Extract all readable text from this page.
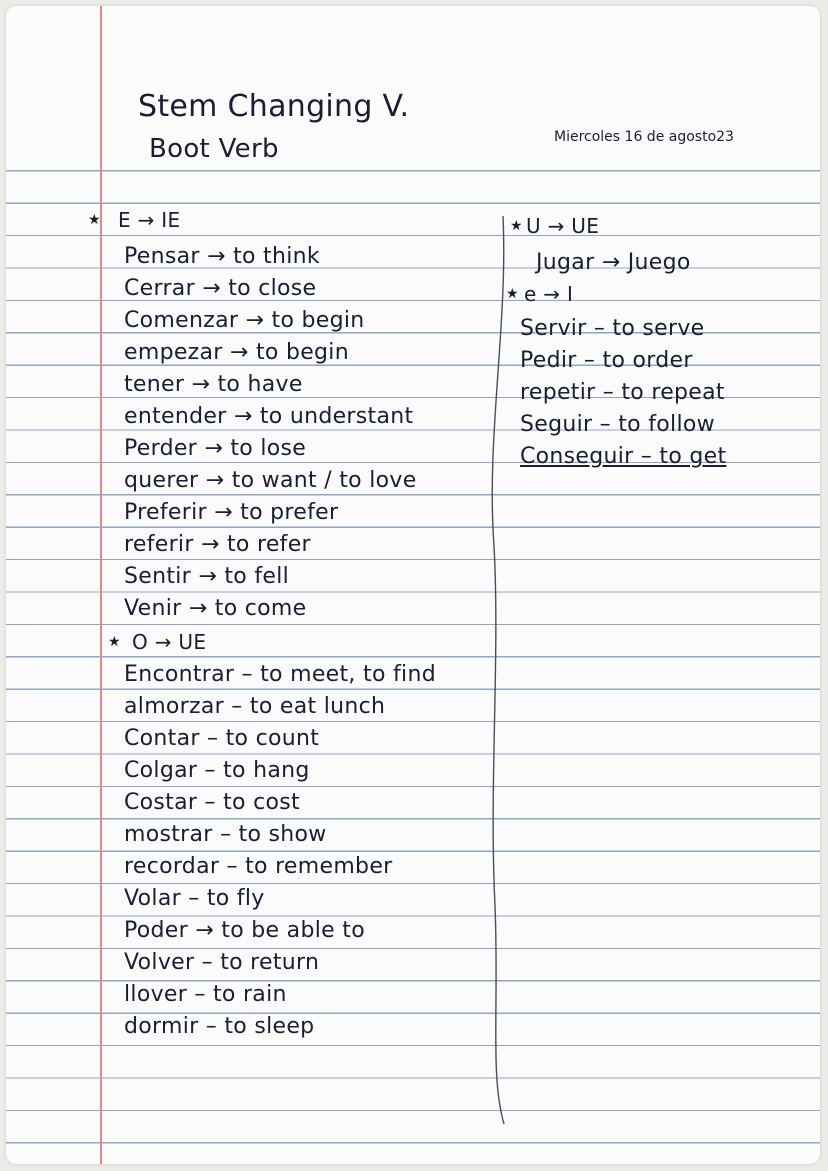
Stem Changing V.
Boot Verb	Miercoles 16 de agosto23
★ E → IE
Pensar → to think
Cerrar → to close
Comenzar → to begin
empezar → to begin
tener → to have
entender → to understant
Perder → to lose
querer → to want / to love
Preferir → to prefer
referir → to refer
Sentir → to fell
Venir → to come
★ O → UE
Encontrar – to meet, to find
almorzar – to eat lunch
Contar – to count
Colgar – to hang
Costar – to cost
mostrar – to show
recordar – to remember
Volar – to fly
Poder → to be able to
Volver – to return
llover – to rain
dormir – to sleep
★ U → UE
Jugar → Juego
★ e → I
Servir – to serve
Pedir – to order
repetir – to repeat
Seguir – to follow
Conseguir – to get
